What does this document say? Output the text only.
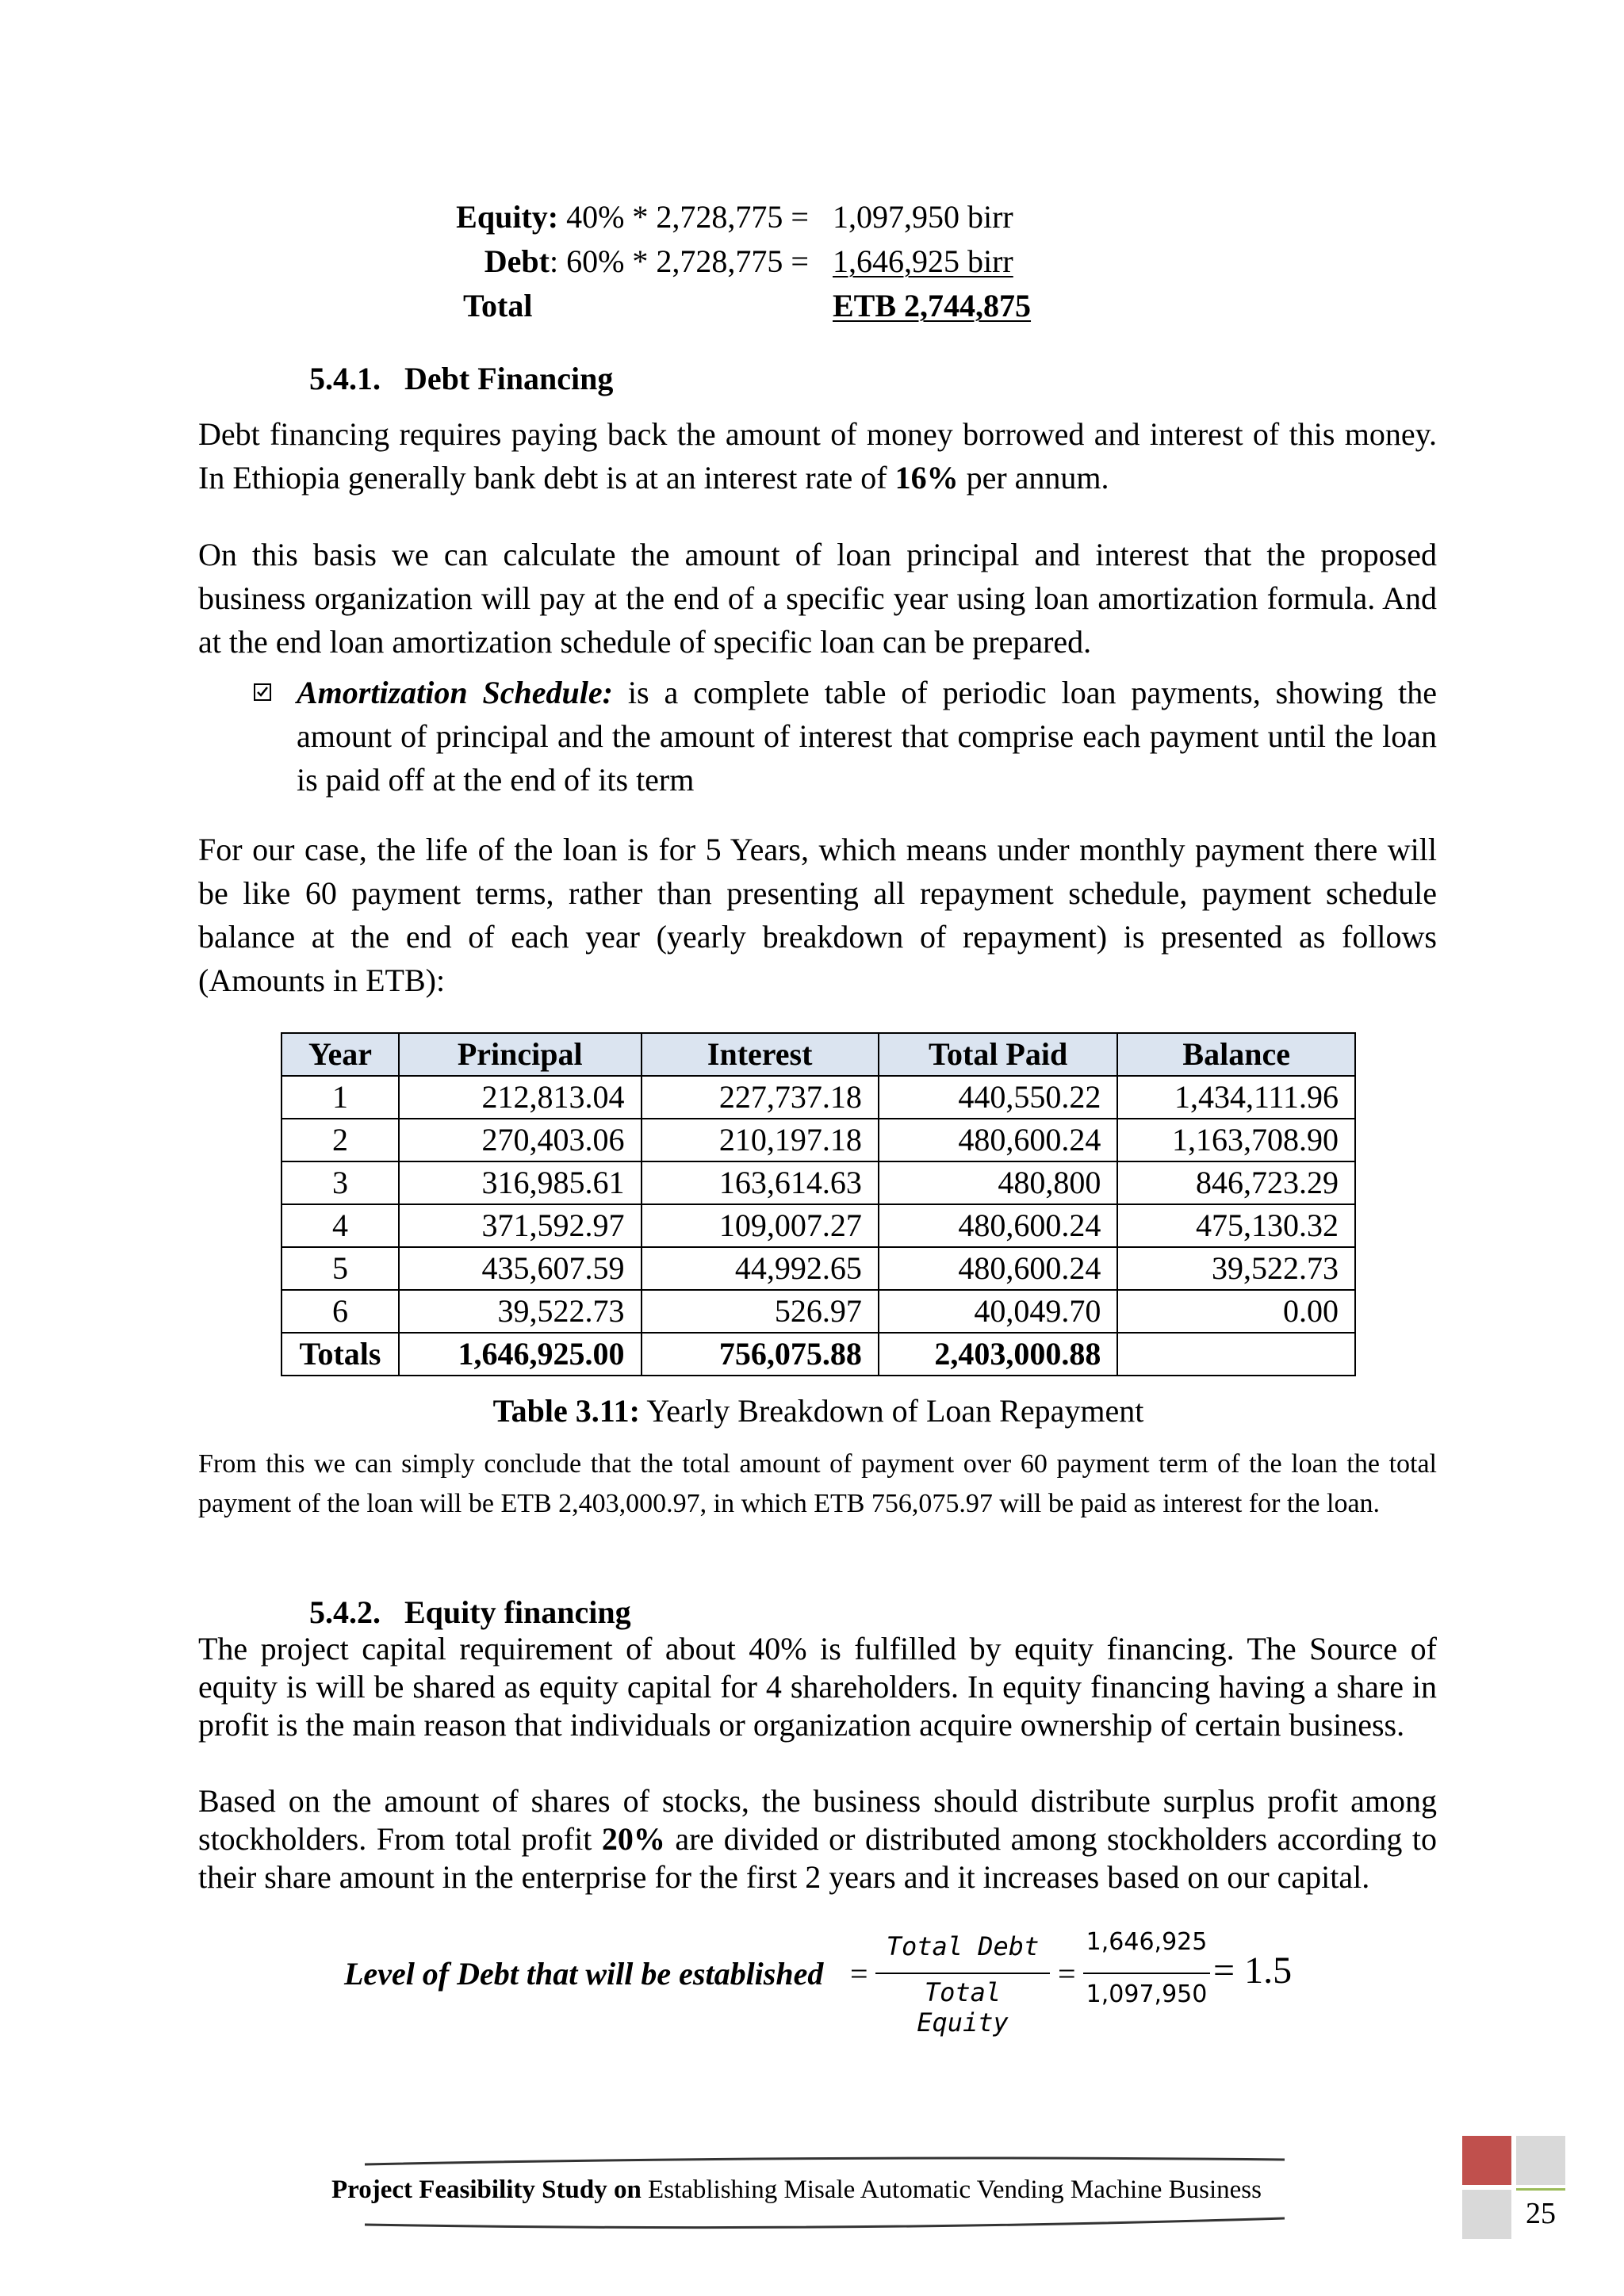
Equity: 40% * 2,728,775 = 1,097,950 birr
Debt: 60% * 2,728,775 = 1,646,925 birr
Total	ETB 2,744,875
5.4.1.   Debt Financing
Debt financing requires paying back the amount of money borrowed and interest of this money. In Ethiopia generally bank debt is at an interest rate of 16% per annum.
On this basis we can calculate the amount of loan principal and interest that the proposed business organization will pay at the end of a specific year using loan amortization formula. And at the end loan amortization schedule of specific loan can be prepared.
Amortization Schedule: is a complete table of periodic loan payments, showing the amount of principal and the amount of interest that comprise each payment until the loan is paid off at the end of its term
For our case, the life of the loan is for 5 Years, which means under monthly payment there will be like 60 payment terms, rather than presenting all repayment schedule, payment schedule balance at the end of each year (yearly breakdown of repayment) is presented as follows (Amounts in ETB):
Year	Principal	Interest	Total Paid	Balance
1	212,813.04	227,737.18	440,550.22	1,434,111.96
2	270,403.06	210,197.18	480,600.24	1,163,708.90
3	316,985.61	163,614.63	480,800	846,723.29
4	371,592.97	109,007.27	480,600.24	475,130.32
5	435,607.59	44,992.65	480,600.24	39,522.73
6	39,522.73	526.97	40,049.70	0.00
Totals	1,646,925.00	756,075.88	2,403,000.88	
Table 3.11: Yearly Breakdown of Loan Repayment
From this we can simply conclude that the total amount of payment over 60 payment term of the loan the total payment of the loan will be ETB 2,403,000.97, in which ETB 756,075.97 will be paid as interest for the loan.
5.4.2.   Equity financing
The project capital requirement of about 40% is fulfilled by equity financing. The Source of equity is will be shared as equity capital for 4 shareholders. In equity financing having a share in profit is the main reason that individuals or organization acquire ownership of certain business.
Based on the amount of shares of stocks, the business should distribute surplus profit among stockholders. From total profit 20% are divided or distributed among stockholders according to their share amount in the enterprise for the first 2 years and it increases based on our capital.
Level of Debt that will be established =
Total Debt
Total Equity
=
1,646,925
1,097,950
= 1.5
Project Feasibility Study on Establishing Misale Automatic Vending Machine Business
25
